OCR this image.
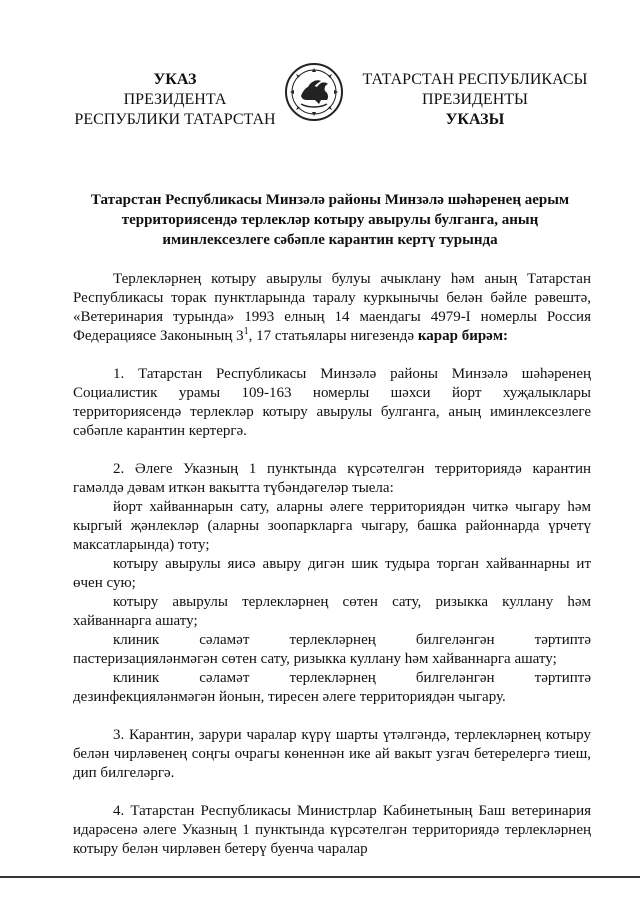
УКАЗ
ПРЕЗИДЕНТА
РЕСПУБЛИКИ ТАТАРСТАН
ТАТАРСТАН РЕСПУБЛИКАСЫ
ПРЕЗИДЕНТЫ
УКАЗЫ
Татарстан Республикасы Минзәлә районы Минзәлә шәһәренең аерым территориясендә терлекләр котыру авырулы булганга, аның иминлексезлегe сәбәпле карантин кертү турында

Терлекләрнең котыру авырулы булуы ачыклану һәм аның Татарстан Республикасы торак пунктларында таралу куркынычы белән бәйле рәвештә, «Ветеринария турында» 1993 елның 14 маендагы 4979-I номерлы Россия Федерациясе Законының $3^1$, 17 статьялары нигезендә карар бирәм:

1. Татарстан Республикасы Минзәлә районы Минзәлә шәһәренең Социалистик урамы 109-163 номерлы шәхси йорт хуҗалыклары территориясендә терлекләр котыру авырулы булганга, аның иминлексезлеге сәбәпле карантин кертергә.

2. Әлеге Указның 1 пунктында күрсәтелгән территориядә карантин гамәлдә дәвам иткән вакытта түбәндәгеләр тыела:

йорт хайваннарын сату, аларны әлеге территориядән читкә чыгару һәм кыргый җәнлекләр (аларны зоопаркларга чыгару, башка районнарда үрчетү максатларында) тоту;

котыру авырулы яисә авыру дигән шик тудыра торган хайваннарны ит өчен сую;

котыру авырулы терлекләрнең сөтен сату, ризыкка куллану һәм хайваннарга ашату;

клиник сәламәт терлекләрнең билгеләнгән тәртиптә пастеризацияләнмәгән сөтен сату, ризыкка куллану һәм хайваннарга ашату;

клиник сәламәт терлекләрнең билгеләнгән тәртиптә дезинфекцияләнмәгән йонын, тиресен әлеге территориядән чыгару.

3. Карантин, зарури чаралар күрү шарты үтәлгәндә, терлекләрнең котыру белән чирләвенең соңгы очрагы көненнән ике ай вакыт узгач бетерелергә тиеш, дип билгеләргә.

4. Татарстан Республикасы Министрлар Кабинетының Баш ветеринария идарәсенә әлеге Указның 1 пунктында күрсәтелгән территориядә терлекләрнең котыру белән чирләвен бетерү буенча чаралар
